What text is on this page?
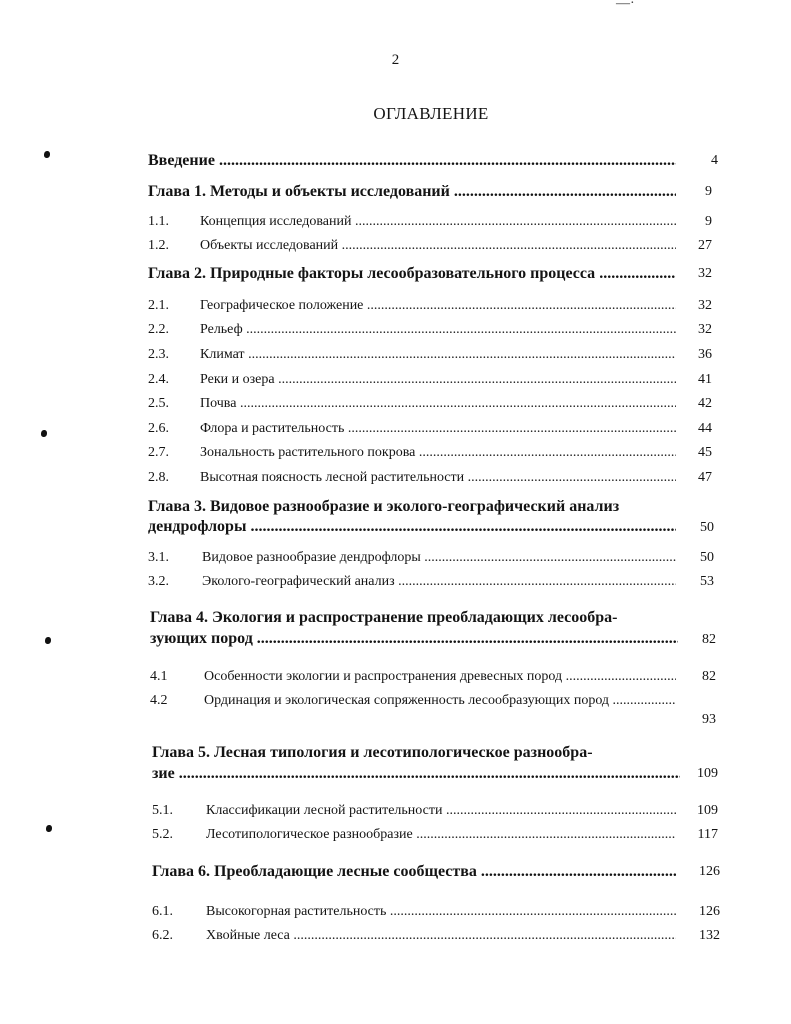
—·
2
ОГЛАВЛЕНИЕ
Введение .....	4
Глава 1. Методы и объекты исследований .....	9
1.1. Концепция исследований .....	9
1.2. Объекты исследований .....	27
Глава 2. Природные факторы лесообразовательного процесса .....	32
2.1. Географическое положение .....	32
2.2. Рельеф .....	32
2.3. Климат .....	36
2.4. Реки и озера .....	41
2.5. Почва .....	42
2.6. Флора и растительность .....	44
2.7. Зональность растительного покрова .....	45
2.8. Высотная поясность лесной растительности .....	47
Глава 3. Видовое разнообразие и эколого-географический анализ
дендрофлоры .....	50
3.1. Видовое разнообразие дендрофлоры .....	50
3.2. Эколого-географический анализ .....	53
Глава 4. Экология и распространение преобладающих лесообра-
зующих пород .....	82
4.1	Особенности экологии и распространения древесных пород .....	82
4.2	Ординация и экологическая сопряженность лесообразующих пород .....
93
Глава 5. Лесная типология и лесотипологическое разнообра-
зие .....	109
5.1. Классификации лесной растительности .....	109
5.2. Лесотипологическое разнообразие .....	117
Глава 6. Преобладающие лесные сообщества .....	126
6.1. Высокогорная растительность .....	126
6.2. Хвойные леса .....	132
